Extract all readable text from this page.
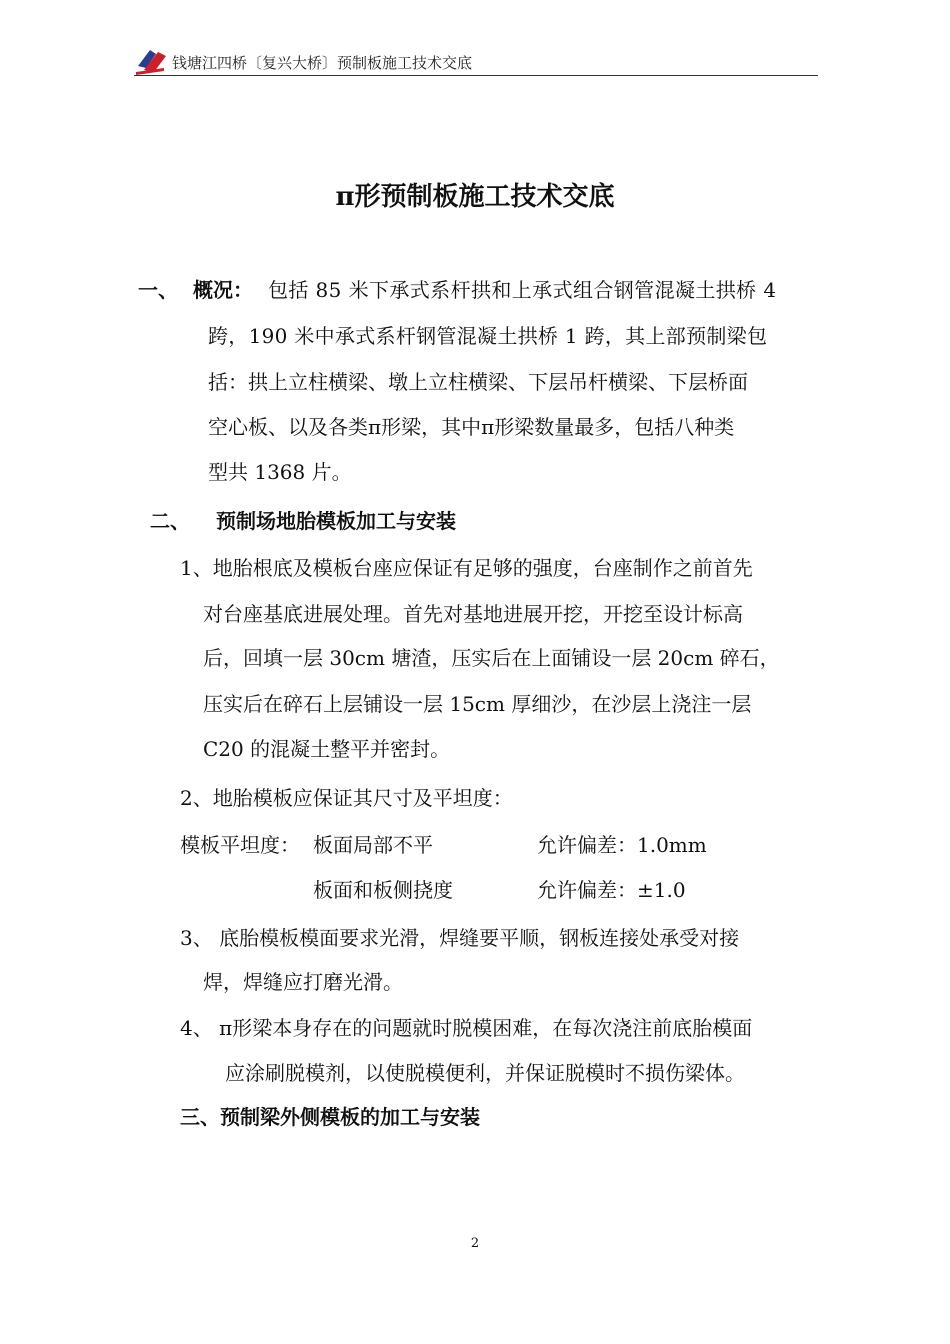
钱塘江四桥〔复兴大桥〕预制板施工技术交底
π形预制板施工技术交底
一、 概况： 包括 85 米下承式系杆拱和上承式组合钢管混凝土拱桥 4
跨，190 米中承式系杆钢管混凝土拱桥 1 跨，其上部预制梁包
括：拱上立柱横梁、墩上立柱横梁、下层吊杆横梁、下层桥面
空心板、以及各类π形梁，其中π形梁数量最多，包括八种类
型共 1368 片。
二、 预制场地胎模板加工与安装
1、地胎根底及模板台座应保证有足够的强度，台座制作之前首先
对台座基底进展处理。首先对基地进展开挖，开挖至设计标高
后，回填一层 30cm 塘渣，压实后在上面铺设一层 20cm 碎石，
压实后在碎石上层铺设一层 15cm 厚细沙，在沙层上浇注一层
C20 的混凝土整平并密封。
2、地胎模板应保证其尺寸及平坦度：
模板平坦度： 板面局部不平	允许偏差：1.0mm
板面和板侧挠度	允许偏差：±1.0
3、 底胎模板模面要求光滑，焊缝要平顺，钢板连接处承受对接
焊，焊缝应打磨光滑。
4、 π形梁本身存在的问题就时脱模困难，在每次浇注前底胎模面
应涂刷脱模剂，以使脱模便利，并保证脱模时不损伤梁体。
三、预制梁外侧模板的加工与安装
2
